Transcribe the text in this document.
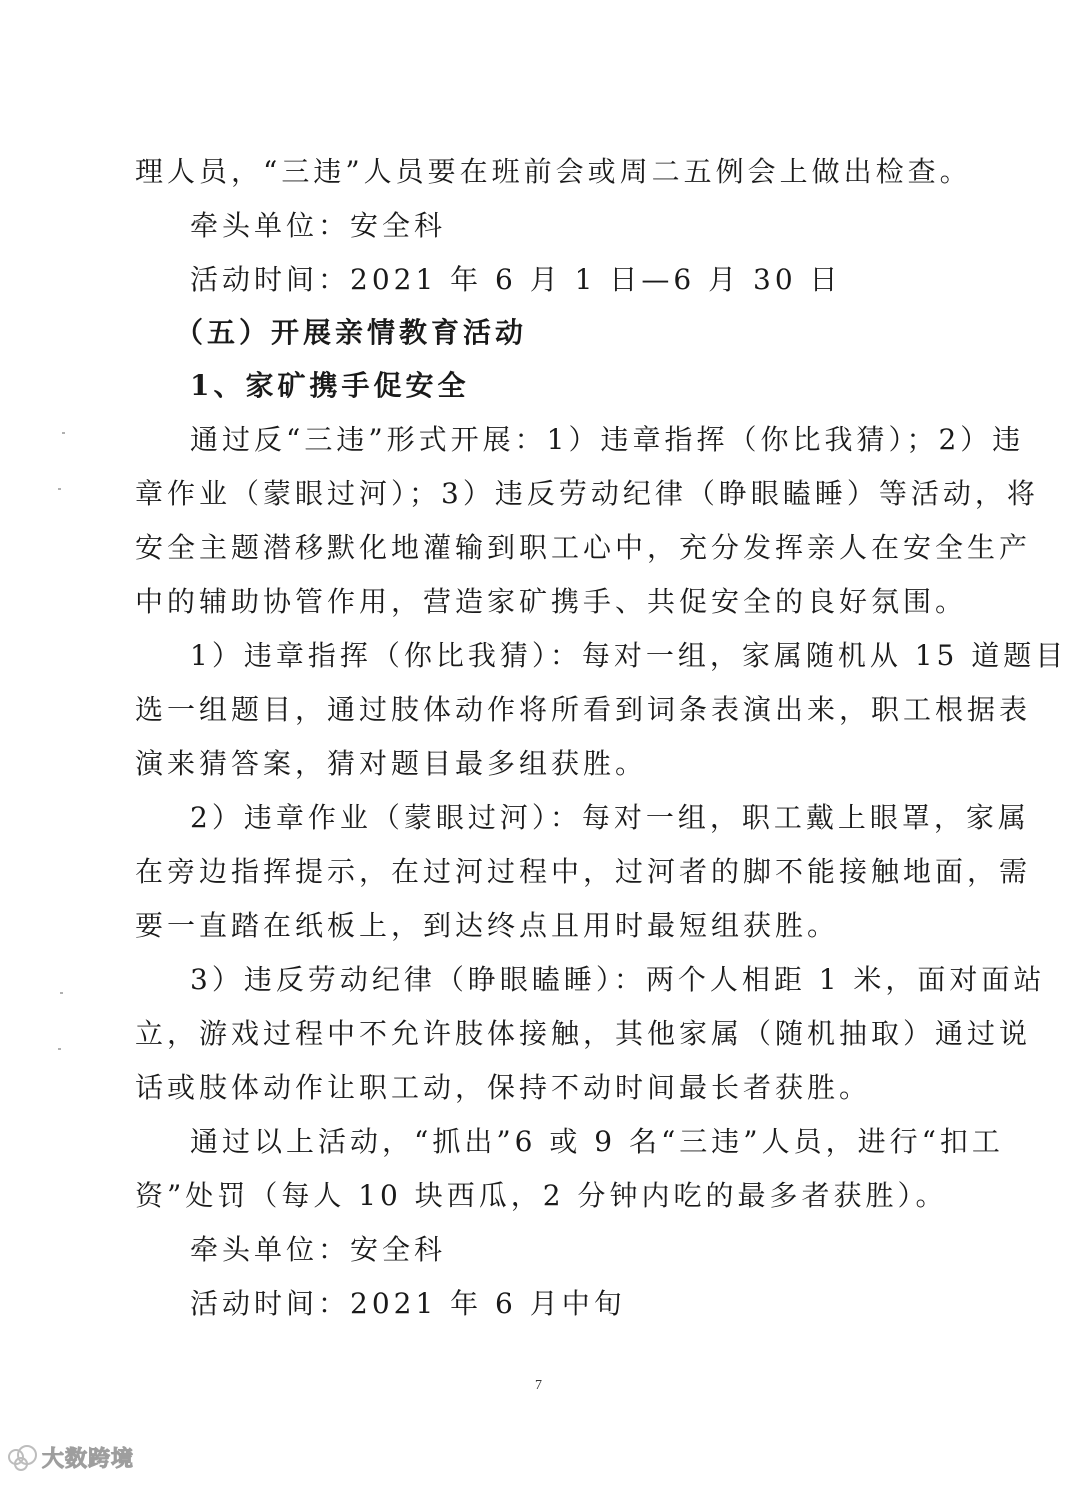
理人员，“三违”人员要在班前会或周二五例会上做出检查。
牵头单位：安全科
活动时间：2021 年 6 月 1 日—6 月 30 日
（五）开展亲情教育活动
1、家矿携手促安全
通过反“三违”形式开展：1）违章指挥（你比我猜）；2）违
章作业（蒙眼过河）；3）违反劳动纪律（睁眼瞌睡）等活动，将
安全主题潜移默化地灌输到职工心中，充分发挥亲人在安全生产
中的辅助协管作用，营造家矿携手、共促安全的良好氛围。
1）违章指挥（你比我猜）：每对一组，家属随机从 15 道题目
选一组题目，通过肢体动作将所看到词条表演出来，职工根据表
演来猜答案，猜对题目最多组获胜。
2）违章作业（蒙眼过河）：每对一组，职工戴上眼罩，家属
在旁边指挥提示，在过河过程中，过河者的脚不能接触地面，需
要一直踏在纸板上，到达终点且用时最短组获胜。
3）违反劳动纪律（睁眼瞌睡）：两个人相距 1 米，面对面站
立，游戏过程中不允许肢体接触，其他家属（随机抽取）通过说
话或肢体动作让职工动，保持不动时间最长者获胜。
通过以上活动，“抓出”6 或 9 名“三违”人员，进行“扣工
资”处罚（每人 10 块西瓜，2 分钟内吃的最多者获胜）。
牵头单位：安全科
活动时间：2021 年 6 月中旬
7
大数跨境
